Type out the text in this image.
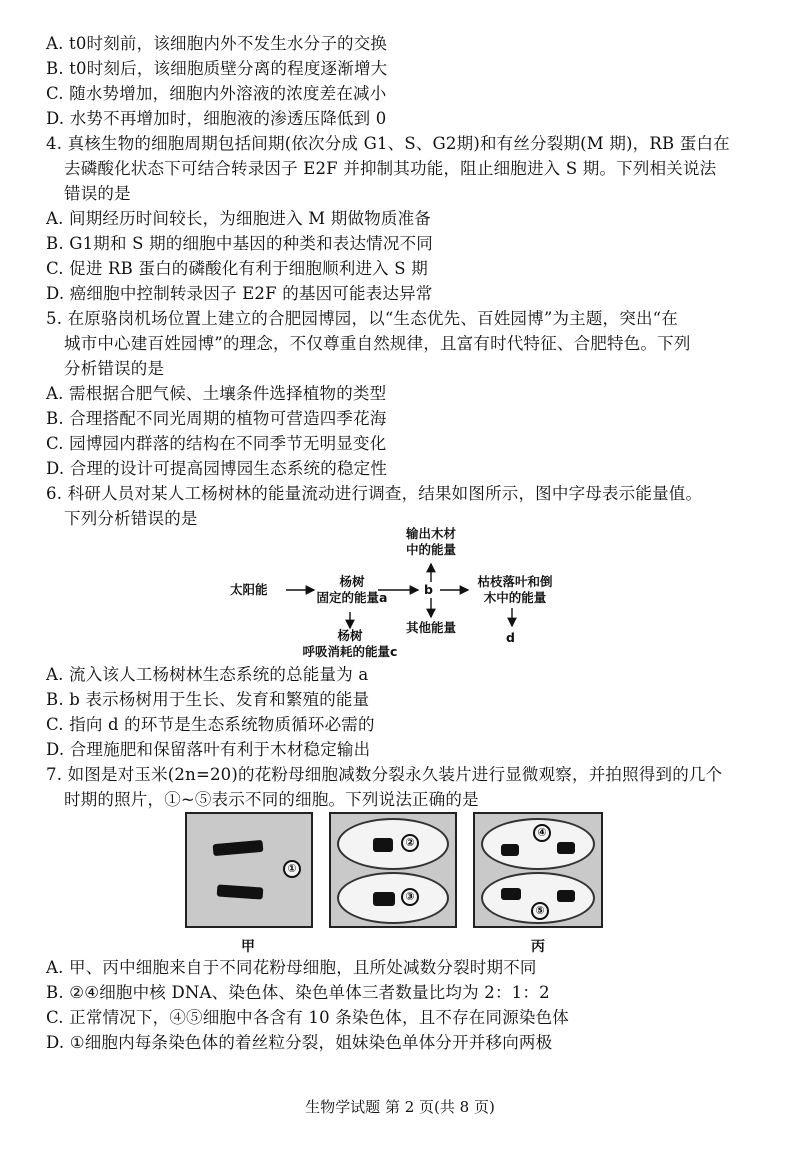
A. t0时刻前，该细胞内外不发生水分子的交换
B. t0时刻后，该细胞质壁分离的程度逐渐增大
C. 随水势增加，细胞内外溶液的浓度差在减小
D. 水势不再增加时，细胞液的渗透压降低到 0
4. 真核生物的细胞周期包括间期(依次分成 G1、S、G2期)和有丝分裂期(M 期)，RB 蛋白在
去磷酸化状态下可结合转录因子 E2F 并抑制其功能，阻止细胞进入 S 期。下列相关说法
错误的是
A. 间期经历时间较长，为细胞进入 M 期做物质准备
B. G1期和 S 期的细胞中基因的种类和表达情况不同
C. 促进 RB 蛋白的磷酸化有利于细胞顺利进入 S 期
D. 癌细胞中控制转录因子 E2F 的基因可能表达异常
5. 在原骆岗机场位置上建立的合肥园博园，以“生态优先、百姓园博”为主题，突出“在
城市中心建百姓园博”的理念，不仅尊重自然规律，且富有时代特征、合肥特色。下列
分析错误的是
A. 需根据合肥气候、土壤条件选择植物的类型
B. 合理搭配不同光周期的植物可营造四季花海
C. 园博园内群落的结构在不同季节无明显变化
D. 合理的设计可提高园博园生态系统的稳定性
6. 科研人员对某人工杨树林的能量流动进行调查，结果如图所示，图中字母表示能量值。
下列分析错误的是
太阳能
杨树
固定的能量a
b
输出木材
中的能量
枯枝落叶和倒
木中的能量
其他能量
杨树
呼吸消耗的能量c
d
A. 流入该人工杨树林生态系统的总能量为 a
B. b 表示杨树用于生长、发育和繁殖的能量
C. 指向 d 的环节是生态系统物质循环必需的
D. 合理施肥和保留落叶有利于木材稳定输出
7. 如图是对玉米(2n=20)的花粉母细胞减数分裂永久装片进行显微观察，并拍照得到的几个
时期的照片，①~⑤表示不同的细胞。下列说法正确的是
①
②
③
④
⑤
甲	丙
A. 甲、丙中细胞来自于不同花粉母细胞，且所处减数分裂时期不同
B. ②④细胞中核 DNA、染色体、染色单体三者数量比均为 2：1：2
C. 正常情况下，④⑤细胞中各含有 10 条染色体，且不存在同源染色体
D. ①细胞内每条染色体的着丝粒分裂，姐妹染色单体分开并移向两极
生物学试题 第 2 页(共 8 页)
